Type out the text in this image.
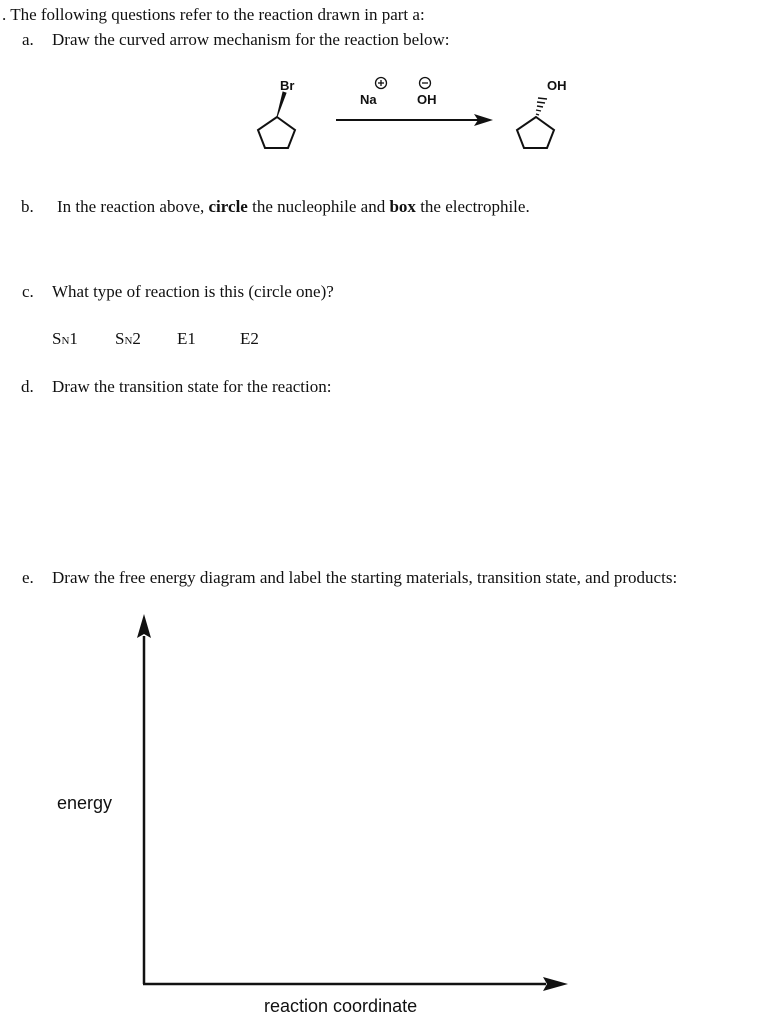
. The following questions refer to the reaction drawn in part a:
a. Draw the curved arrow mechanism for the reaction below:
Br
Na	OH
OH
b. In the reaction above, circle the nucleophile and box the electrophile.
c. What type of reaction is this (circle one)?
SN1 SN2 E1	E2
d. Draw the transition state for the reaction:
e. Draw the free energy diagram and label the starting materials, transition state, and products:
energy
reaction coordinate
